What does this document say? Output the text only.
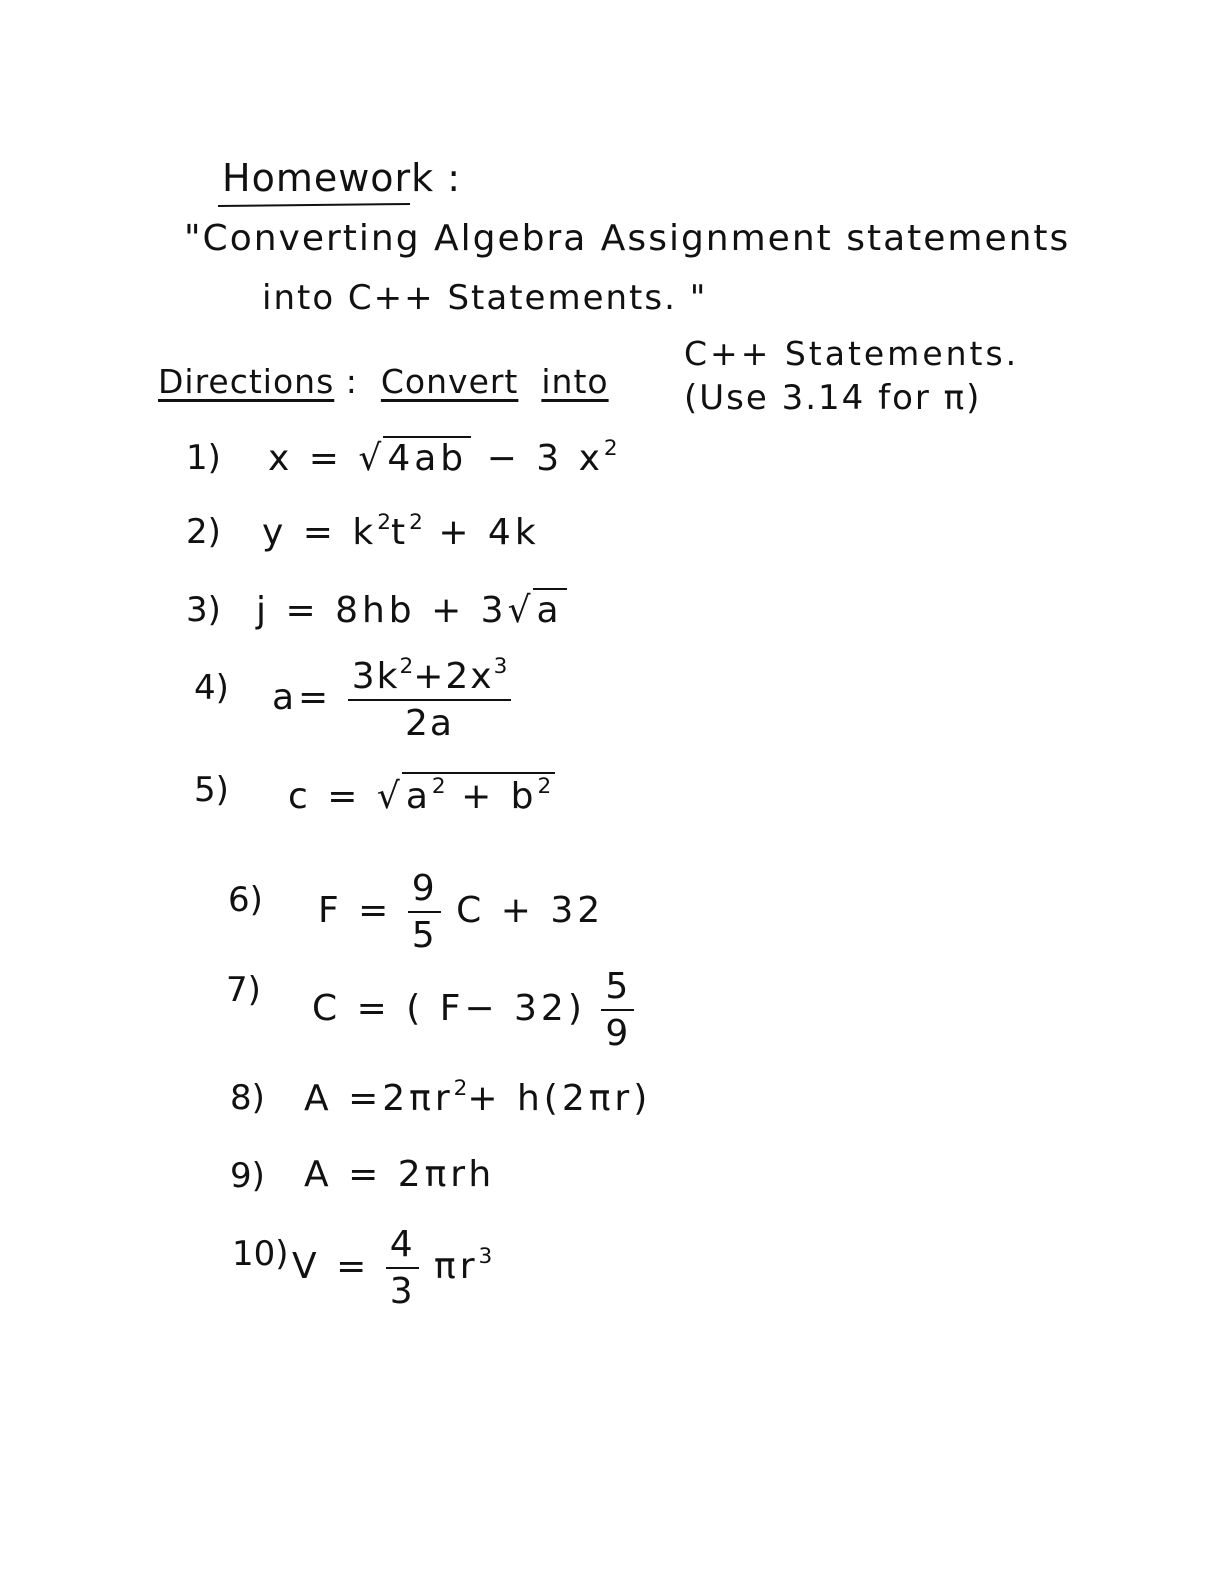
Homework :
"Converting Algebra Assignment statements
into C++ Statements. "
Directions : Convert into
C++ Statements.
(Use 3.14 for π)
1) x = √4ab − 3 $x^2$
2) $y = k^2t^2 + 4k$
3) j = 8hb + 3√a
4) $a= \frac{3k^2+2x^3}{2a}$
5) $c = √a^2 + b^2$
6) $F = \frac{9}{5}$ C + 32
7) C = ( $F- 32) \frac{5}{9}$
8) $A =2\pi r^2+ h(2\pi r)$
9) A = 2πrh
10) $V = \frac{4}{3} \pi r^3$
